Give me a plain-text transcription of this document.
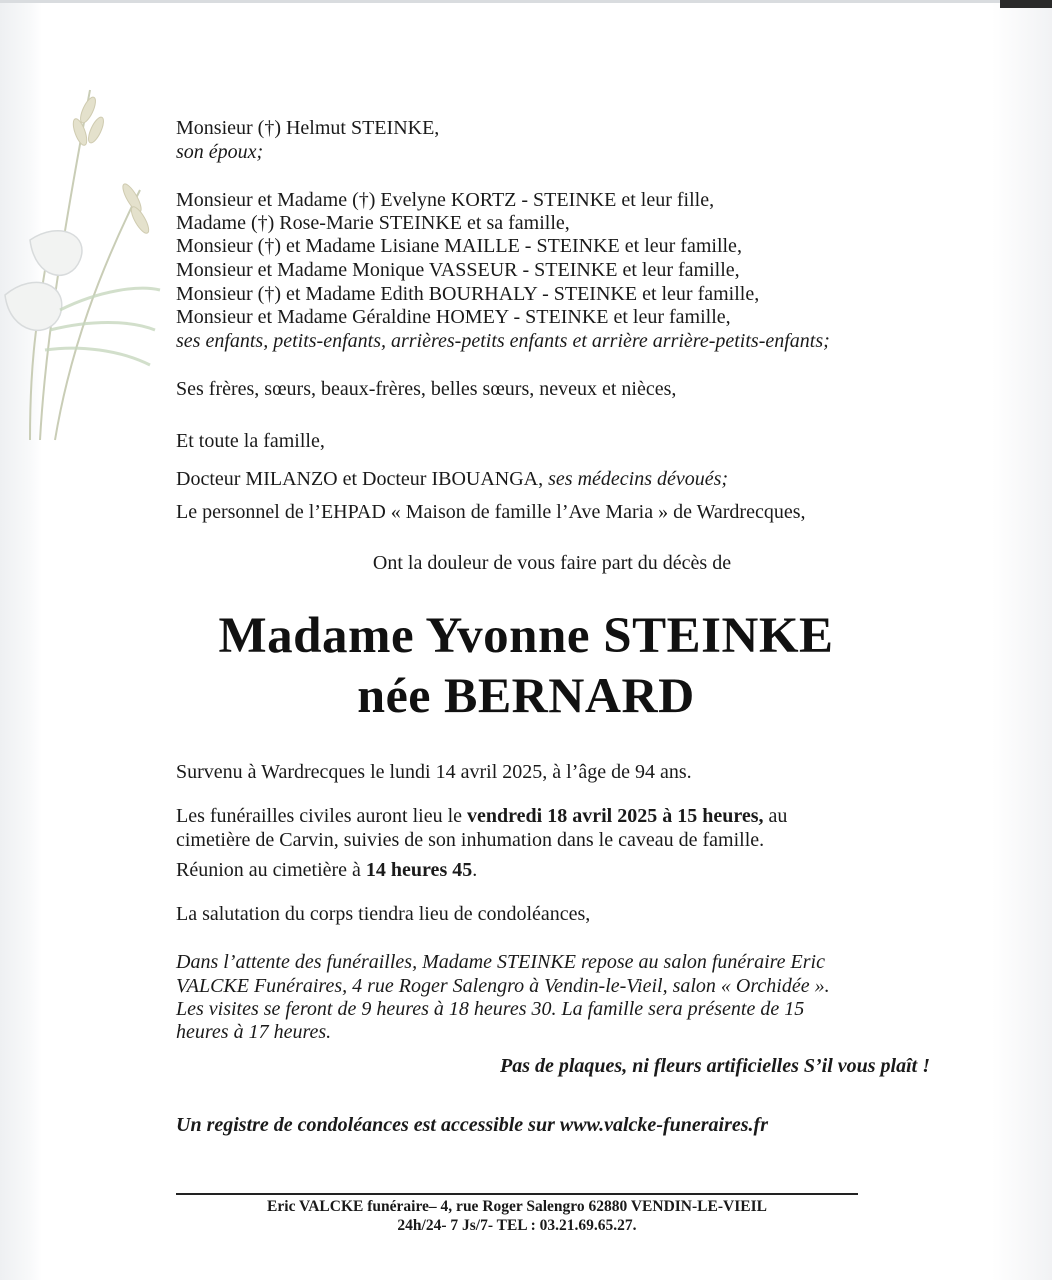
Monsieur (†) Helmut STEINKE,
son époux;
Monsieur et Madame (†) Evelyne KORTZ - STEINKE et leur fille,
Madame (†) Rose-Marie STEINKE et sa famille,
Monsieur (†) et Madame Lisiane MAILLE - STEINKE et leur famille,
Monsieur et Madame Monique VASSEUR - STEINKE et leur famille,
Monsieur (†) et Madame Edith BOURHALY - STEINKE et leur famille,
Monsieur et Madame Géraldine HOMEY - STEINKE et leur famille,
ses enfants, petits-enfants, arrières-petits enfants et arrière arrière-petits-enfants;
Ses frères, sœurs, beaux-frères, belles sœurs, neveux et nièces,
Et toute la famille,
Docteur MILANZO et Docteur IBOUANGA, ses médecins dévoués;
Le personnel de l’EHPAD « Maison de famille l’Ave Maria » de Wardrecques,
Ont la douleur de vous faire part du décès de
Madame Yvonne STEINKE
née BERNARD
Survenu à Wardrecques le lundi 14 avril 2025, à l’âge de 94 ans.
Les funérailles civiles auront lieu le vendredi 18 avril 2025 à 15 heures, au
cimetière de Carvin, suivies de son inhumation dans le caveau de famille.
Réunion au cimetière à 14 heures 45.
La salutation du corps tiendra lieu de condoléances,
Dans l’attente des funérailles, Madame STEINKE repose au salon funéraire Eric
VALCKE Funéraires, 4 rue Roger Salengro à Vendin-le-Vieil, salon « Orchidée ».
Les visites se feront de 9 heures à 18 heures 30. La famille sera présente de 15
heures à 17 heures.
Pas de plaques, ni fleurs artificielles S’il vous plaît !
Un registre de condoléances est accessible sur www.valcke-funeraires.fr
Eric VALCKE funéraire– 4, rue Roger Salengro 62880 VENDIN-LE-VIEIL
24h/24- 7 Js/7- TEL : 03.21.69.65.27.
